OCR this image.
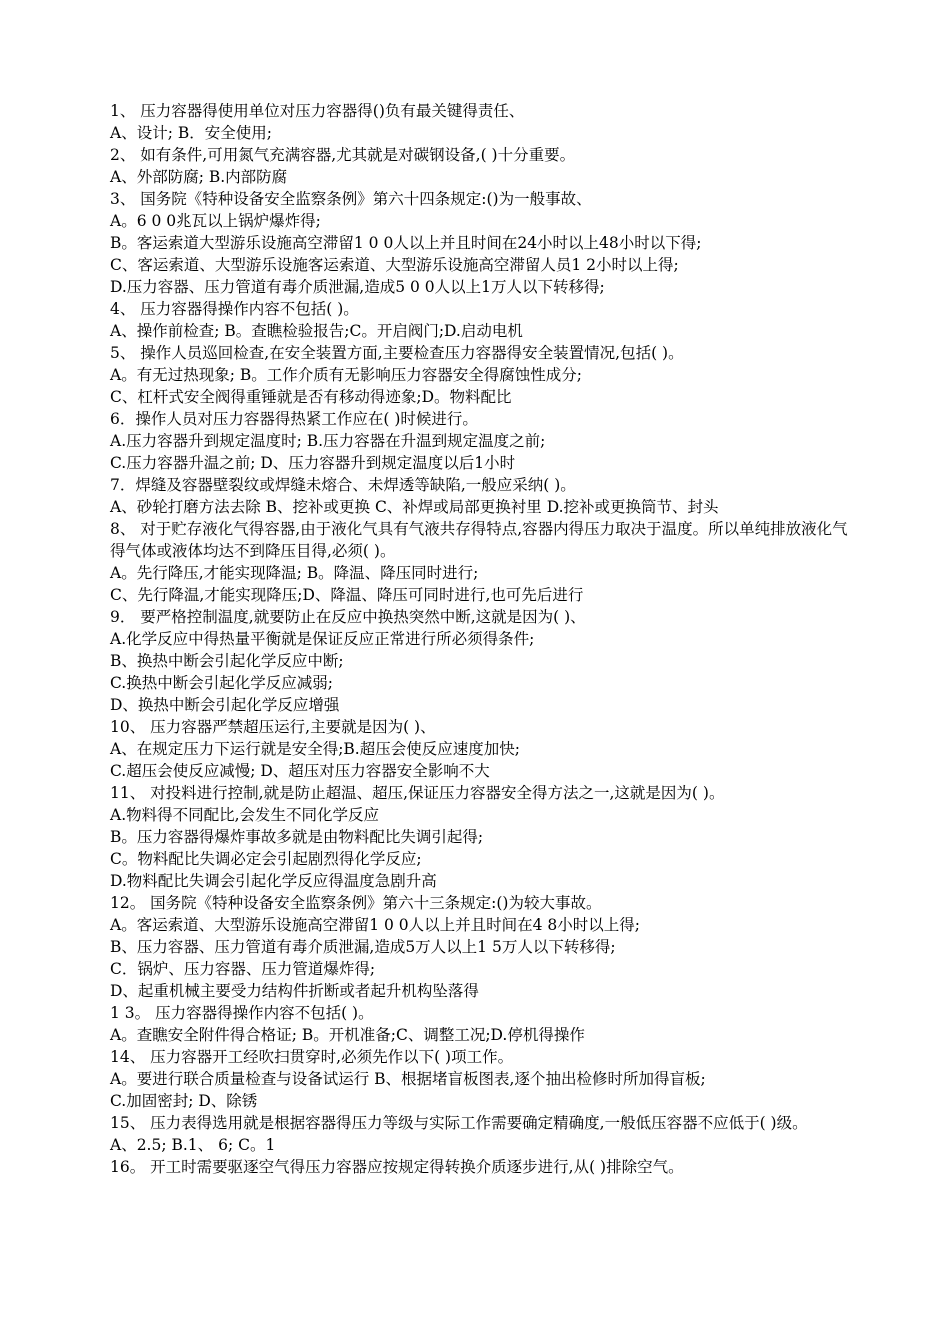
1、 压力容器得使用单位对压力容器得()负有最关键得责任、
A、设计; B．安全使用;
2、 如有条件,可用氮气充满容器,尤其就是对碳钢设备,( )十分重要。
A、外部防腐; B.内部防腐
3、 国务院《特种设备安全监察条例》第六十四条规定:()为一般事故、
A。6 0 0兆瓦以上锅炉爆炸得;
B。客运索道大型游乐设施高空滞留1 0 0人以上并且时间在24小时以上48小时以下得;
C、客运索道、大型游乐设施客运索道、大型游乐设施高空滞留人员1 2小时以上得;
D.压力容器、压力管道有毒介质泄漏,造成5 0 0人以上1万人以下转移得;
4、 压力容器得操作内容不包括( )。
A、操作前检查; B。查瞧检验报告;C。开启阀门;D.启动电机
5、 操作人员巡回检查,在安全装置方面,主要检查压力容器得安全装置情况,包括( )。
A。有无过热现象; B。工作介质有无影响压力容器安全得腐蚀性成分;
C、杠杆式安全阀得重锤就是否有移动得迹象;D。物料配比
6．操作人员对压力容器得热紧工作应在( )时候进行。
A.压力容器升到规定温度时; B.压力容器在升温到规定温度之前;
C.压力容器升温之前; D、压力容器升到规定温度以后1小时
7．焊缝及容器壁裂纹或焊缝未熔合、未焊透等缺陷,一般应采纳( )。
A、砂轮打磨方法去除 B、挖补或更换 C、补焊或局部更换衬里 D.挖补或更换筒节、封头
8、 对于贮存液化气得容器,由于液化气具有气液共存得特点,容器内得压力取决于温度。所以单纯排放液化气得气体或液体均达不到降压目得,必须( )。
A。先行降压,才能实现降温; B。降温、降压同时进行;
C、先行降温,才能实现降压;D、降温、降压可同时进行,也可先后进行
9． 要严格控制温度,就要防止在反应中换热突然中断,这就是因为( )、
A.化学反应中得热量平衡就是保证反应正常进行所必须得条件;
B、换热中断会引起化学反应中断;
C.换热中断会引起化学反应减弱;
D、换热中断会引起化学反应增强
10、 压力容器严禁超压运行,主要就是因为( )、
A、在规定压力下运行就是安全得;B.超压会使反应速度加快;
C.超压会使反应减慢; D、超压对压力容器安全影响不大
11、 对投料进行控制,就是防止超温、超压,保证压力容器安全得方法之一,这就是因为( )。
A.物料得不同配比,会发生不同化学反应
B。压力容器得爆炸事故多就是由物料配比失调引起得;
C。物料配比失调必定会引起剧烈得化学反应;
D.物料配比失调会引起化学反应得温度急剧升高
12。 国务院《特种设备安全监察条例》第六十三条规定:()为较大事故。
A。客运索道、大型游乐设施高空滞留1 0 0人以上并且时间在4 8小时以上得;
B、压力容器、压力管道有毒介质泄漏,造成5万人以上1 5万人以下转移得;
C．锅炉、压力容器、压力管道爆炸得;
D、起重机械主要受力结构件折断或者起升机构坠落得
1 3。 压力容器得操作内容不包括( )。
A。查瞧安全附件得合格证; B。开机准备;C、调整工况;D.停机得操作
14、 压力容器开工经吹扫贯穿时,必须先作以下( )项工作。
A。要进行联合质量检查与设备试运行 B、根据堵盲板图表,逐个抽出检修时所加得盲板;
C.加固密封; D、除锈
15、 压力表得选用就是根据容器得压力等级与实际工作需要确定精确度,一般低压容器不应低于( )级。
A、2.5; B.1、 6; C。1
16。 开工时需要驱逐空气得压力容器应按规定得转换介质逐步进行,从( )排除空气。
